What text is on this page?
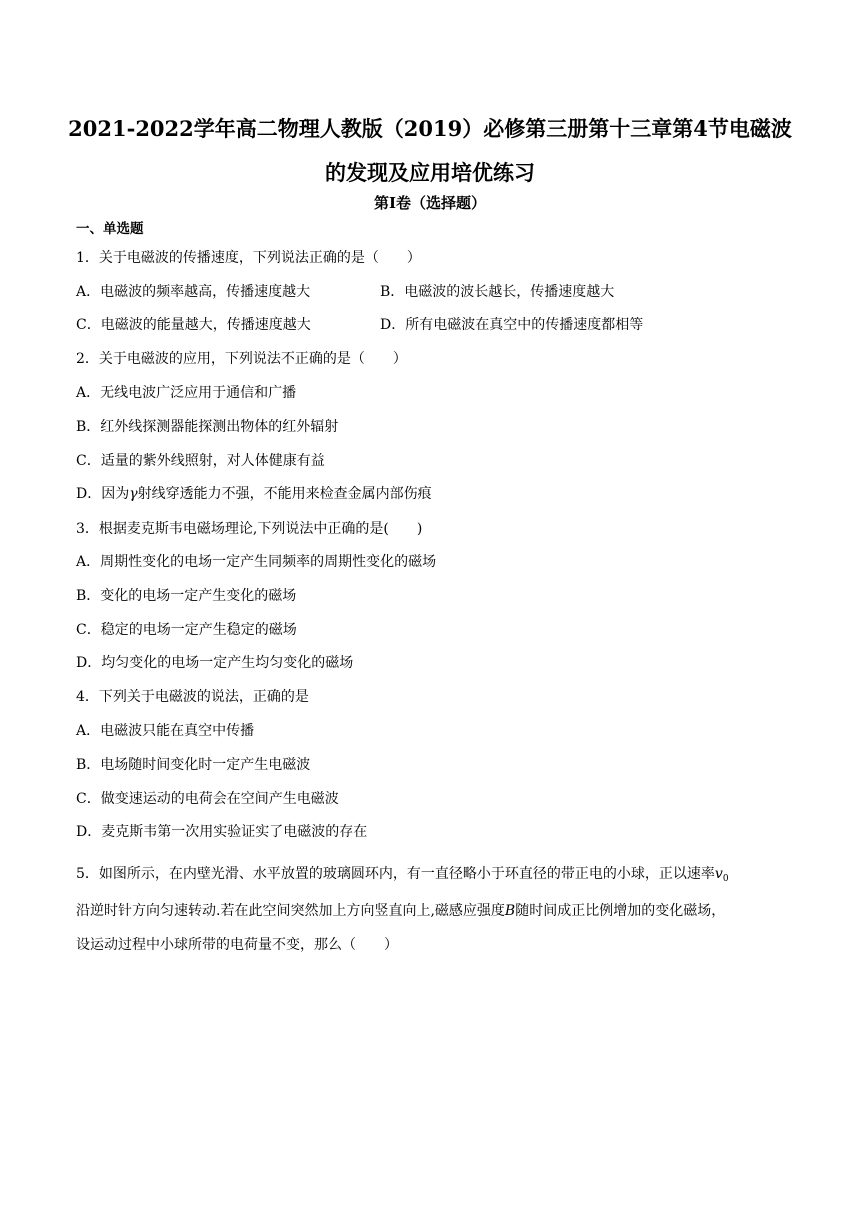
2021-2022学年高二物理人教版（2019）必修第三册第十三章第4节电磁波
的发现及应用培优练习
第Ⅰ卷（选择题）
一、单选题
1．关于电磁波的传播速度，下列说法正确的是（　　）
A．电磁波的频率越高，传播速度越大	B．电磁波的波长越长，传播速度越大
C．电磁波的能量越大，传播速度越大	D．所有电磁波在真空中的传播速度都相等
2．关于电磁波的应用，下列说法不正确的是（　　）
A．无线电波广泛应用于通信和广播
B．红外线探测器能探测出物体的红外辐射
C．适量的紫外线照射，对人体健康有益
D．因为γ射线穿透能力不强，不能用来检查金属内部伤痕
3．根据麦克斯韦电磁场理论,下列说法中正确的是(　　)
A．周期性变化的电场一定产生同频率的周期性变化的磁场
B．变化的电场一定产生变化的磁场
C．稳定的电场一定产生稳定的磁场
D．均匀变化的电场一定产生均匀变化的磁场
4．下列关于电磁波的说法，正确的是
A．电磁波只能在真空中传播
B．电场随时间变化时一定产生电磁波
C．做变速运动的电荷会在空间产生电磁波
D．麦克斯韦第一次用实验证实了电磁波的存在
5．如图所示，在内壁光滑、水平放置的玻璃圆环内，有一直径略小于环直径的带正电的小球，正以速率$v_0$
沿逆时针方向匀速转动.若在此空间突然加上方向竖直向上,磁感应强度B随时间成正比例增加的变化磁场，
设运动过程中小球所带的电荷量不变，那么（　　）
